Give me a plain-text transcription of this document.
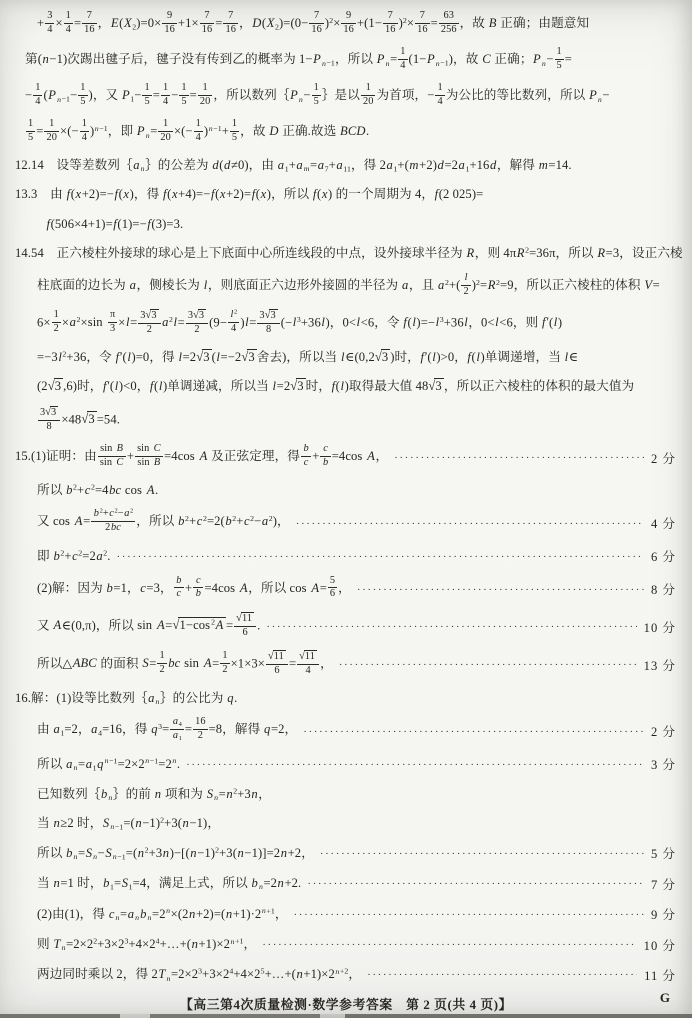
+ $\frac{3}{4} \times \frac{1}{4} = \frac{7}{16}$ ，$E(X_2)=0\times \frac{9}{16} +1\times \frac{7}{16} = \frac{7}{16}$ ，$D(X_2)=(0- \frac{7}{16} )^2\times \frac{9}{16} +(1- \frac{7}{16} )^2\times \frac{7}{16} = \frac{63}{256}$ ，故 B 正确；由题意知
第(n−1)次踢出毽子后，毽子没有传到乙的概率为 $1-P_{n-1}$，所以 $P_n= \frac{1}{4} (1-P_{n-1})$，故 C 正确；$P_n- \frac{1}{5}$ =
− $\frac{1}{4} (P_{n-1}- \frac{1}{5}$ )，又 $P_1- \frac{1}{5} = \frac{1}{4} - \frac{1}{5} = \frac{1}{20}$ ，所以数列$\{P_n- \frac{1}{5}$ ｝是以 $\frac{1}{20}$ 为首项，− $\frac{1}{4}$ 为公比的等比数列，所以 $P_n-$
$\frac{1}{5} = \frac{1}{20}$ ×(− $\frac{1}{4} )^{n-1}$，即 $P_n= \frac{1}{20}$ ×(− $\frac{1}{4} )^{n-1}+ \frac{1}{5}$ ，故 D 正确.故选 BCD.
12.14　设等差数列$\{a_n\}$的公差为 d(d≠0)，由 $a_1+a_m=a_7+a_{11}$，得 $2a_1+(m+2)d=2a_1+16d$，解得 m=14.
13.3　由 f(x+2)=−f(x)，得 f(x+4)=−f(x+2)=f(x)，所以 f(x) 的一个周期为 4，f(2 025)=
f(506×4+1)=f(1)=−f(3)=3.
14.54　正六棱柱外接球的球心是上下底面中心所连线段的中点，设外接球半径为 R，则 $4\pi R^2=36\pi$，所以 R=3，设正六棱
柱底面的边长为 a，侧棱长为 l，则底面正六边形外接圆的半径为 a，且 $a^2+( \frac{l}{2} )^2=R^2=9$，所以正六棱柱的体积 V=
$6\times \frac{1}{2} \times a^2\times\sin \frac{\pi}{3} \times l= \frac{3√3}{2} a^2l= \frac{3√3}{2} (9- \frac{l^2}{4} )l= \frac{3√3}{8} (-l^3+36l)$，0<l<6，令 $f(l)=-l^3+36l$，0<l<6，则 f′(l)
$=-3l^2+36$，令 f′(l)=0，得 l=2√3 (l=−2√3 舍去)，所以当 l∈(0,2√3 )时，f′(l)>0，f(l)单调递增，当 l∈
(2√3 ,6)时，f′(l)<0，f(l)单调递减，所以当 l=2√3 时，f(l)取得最大值 48√3 ，所以正六棱柱的体积的最大值为
$\frac{3√3}{8} \times 48√3 =54$.
15.(1)证明：由 $\frac{\text{sin B}}{\text{sin C}} + \frac{\text{sin C}}{\text{sin B}} =4\cos$ A 及正弦定理，得 $\frac{b}{c} + \frac{c}{b} =4\cos$ A， ·····	2 分
所以 $b^2+c^2=4bc$ cos A.
又 $\cos A= \frac{b^2+c^2-a^2}{2bc}$ ，所以 $b^2+c^2=2(b^2+c^2-a^2)$， ·····	4 分
即 $b^2+c^2=2a^2$. ·····	6 分
(2)解：因为 b=1，c=3， $\frac{b}{c} + \frac{c}{b} =4\cos$ A，所以 $\cos A= \frac{5}{6}$ ， ·····	8 分
又 A∈(0,π)，所以 $\sin A=√1-\cos^2A = \frac{√11}{6}$ . ·····	10 分
所以△ABC 的面积 $S= \frac{1}{2}$ bc $\sin A= \frac{1}{2} \times 1\times 3\times \frac{√11}{6} = \frac{√11}{4}$ ， ·····	13 分
16.解：(1)设等比数列$\{a_n\}$的公比为 q.
由 $a_1=2$，$a_4=16$，得 $q^3= \frac{a_4}{a_1} = \frac{16}{2} =8$，解得 q=2， ·····	2 分
所以 $a_n=a_1q^{n-1}=2\times 2^{n-1}=2^n$. ·····	3 分
已知数列$\{b_n\}$的前 n 项和为 $S_n=n^2+3n$，
当 n≥2 时，$S_{n-1}=(n-1)^2+3(n-1)$，
所以 $b_n=S_n-S_{n-1}=(n^2+3n)-[(n-1)^2+3(n-1)]=2n+2$， ·····	5 分
当 n=1 时，$b_1=S_1=4$，满足上式，所以 $b_n=2n+2$. ·····	7 分
(2)由(1)，得 $c_n=a_nb_n=2^n\times(2n+2)=(n+1)\cdot 2^{n+1}$， ·····	9 分
则 $T_n=2\times 2^2+3\times 2^3+4\times 2^4+\dots+(n+1)\times 2^{n+1}$， ·····	10 分
两边同时乘以 2，得 $2T_n=2\times 2^3+3\times 2^4+4\times 2^5+\dots+(n+1)\times 2^{n+2}$， ·····	11 分
【高三第4次质量检测·数学参考答案　第 2 页(共 4 页)】	G
